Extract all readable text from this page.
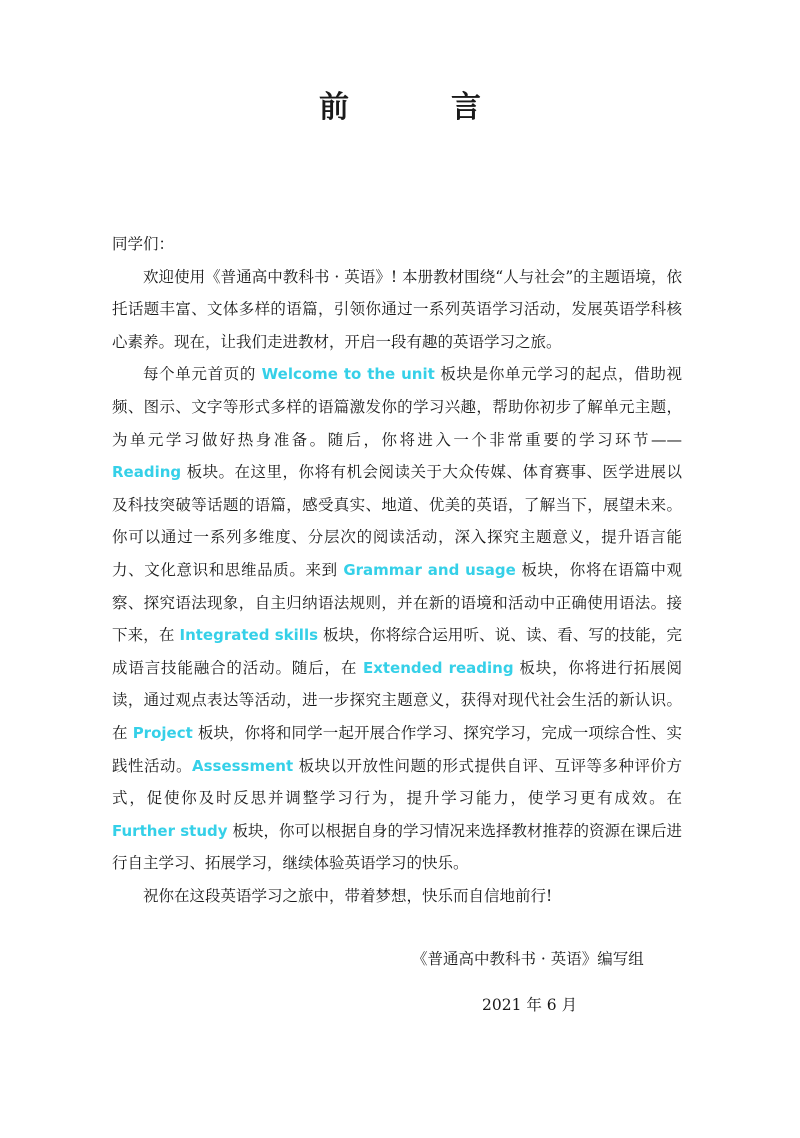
前　言

同学们：

欢迎使用《普通高中教科书 · 英语》! 本册教材围绕“人与社会”的主题语境，依托话题丰富、文体多样的语篇，引领你通过一系列英语学习活动，发展英语学科核心素养。现在，让我们走进教材，开启一段有趣的英语学习之旅。

每个单元首页的 Welcome to the unit 板块是你单元学习的起点，借助视频、图示、文字等形式多样的语篇激发你的学习兴趣，帮助你初步了解单元主题，为单元学习做好热身准备。随后，你将进入一个非常重要的学习环节—— Reading 板块。在这里，你将有机会阅读关于大众传媒、体育赛事、医学进展以及科技突破等话题的语篇，感受真实、地道、优美的英语，了解当下，展望未来。你可以通过一系列多维度、分层次的阅读活动，深入探究主题意义，提升语言能力、文化意识和思维品质。来到 Grammar and usage 板块，你将在语篇中观察、探究语法现象，自主归纳语法规则，并在新的语境和活动中正确使用语法。接下来，在 Integrated skills 板块，你将综合运用听、说、读、看、写的技能，完成语言技能融合的活动。随后，在 Extended reading 板块，你将进行拓展阅读，通过观点表达等活动，进一步探究主题意义，获得对现代社会生活的新认识。在 Project 板块，你将和同学一起开展合作学习、探究学习，完成一项综合性、实践性活动。Assessment 板块以开放性问题的形式提供自评、互评等多种评价方式，促使你及时反思并调整学习行为，提升学习能力，使学习更有成效。在 Further study 板块，你可以根据自身的学习情况来选择教材推荐的资源在课后进行自主学习、拓展学习，继续体验英语学习的快乐。

祝你在这段英语学习之旅中，带着梦想，快乐而自信地前行!

《普通高中教科书 · 英语》编写组
2021 年 6 月
